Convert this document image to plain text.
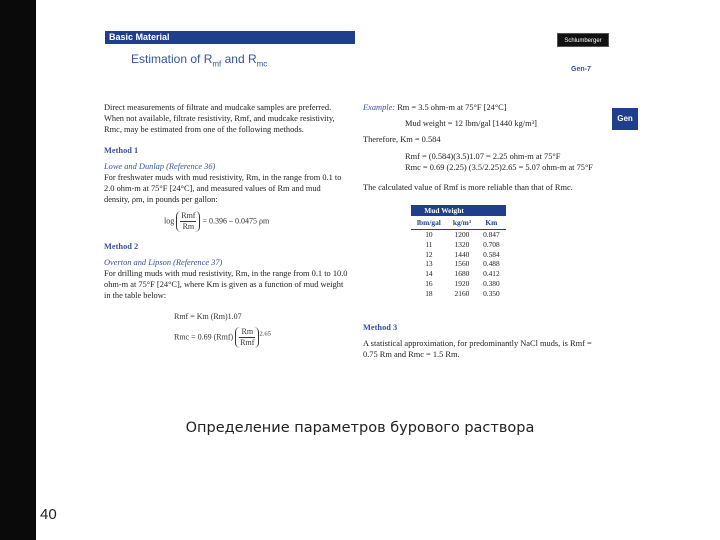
40
Basic Material	Schlumberger
Estimation of $R_{mf}$ and $R_{mc}$
Gen-7
Gen

Direct measurements of filtrate and mudcake samples are preferred. When not available, filtrate resistivity, Rmf, and mudcake resistivity, Rmc, may be estimated from one of the following methods.

Method 1

Lowe and Dunlap (Reference 36)

For freshwater muds with mud resistivity, Rm, in the range from 0.1 to 2.0 ohm-m at 75°F [24°C], and measured values of Rm and mud density, ρm, in pounds per gallon:

$\log \frac{\text{Rmf}}{Rm} = 0.396 - 0.0475$ ρm

Method 2

Overton and Lipson (Reference 37)

For drilling muds with mud resistivity, Rm, in the range from 0.1 to 10.0 ohm-m at 75°F [24°C], where Km is given as a function of mud weight in the table below:

Rmf = Km (Rm)1.07
Rmc = 0.69 $(Rmf) \frac{Rm}{\text{Rmf}} ^{2.65}$

Example: Rm = 3.5 ohm-m at 75°F [24°C]

Mud weight = 12 lbm/gal [1440 kg/m³]

Therefore, Km = 0.584

Rmf = (0.584)(3.5)1.07 = 2.25 ohm-m at 75°F

Rmc = 0.69 (2.25) (3.5/2.25)2.65 = 5.07 ohm-m at 75°F

The calculated value of Rmf is more reliable than that of Rmc.

Mud Weight		
lbm/gal	kg/m³	Km
10	1200	0.847
11	1320	0.708
12	1440	0.584
13	1560	0.488
14	1680	0.412
16	1920	0.380
18	2160	0.350

Method 3

A statistical approximation, for predominantly NaCl muds, is Rmf = 0.75 Rm and Rmc = 1.5 Rm.

Определение параметров бурового раствора
